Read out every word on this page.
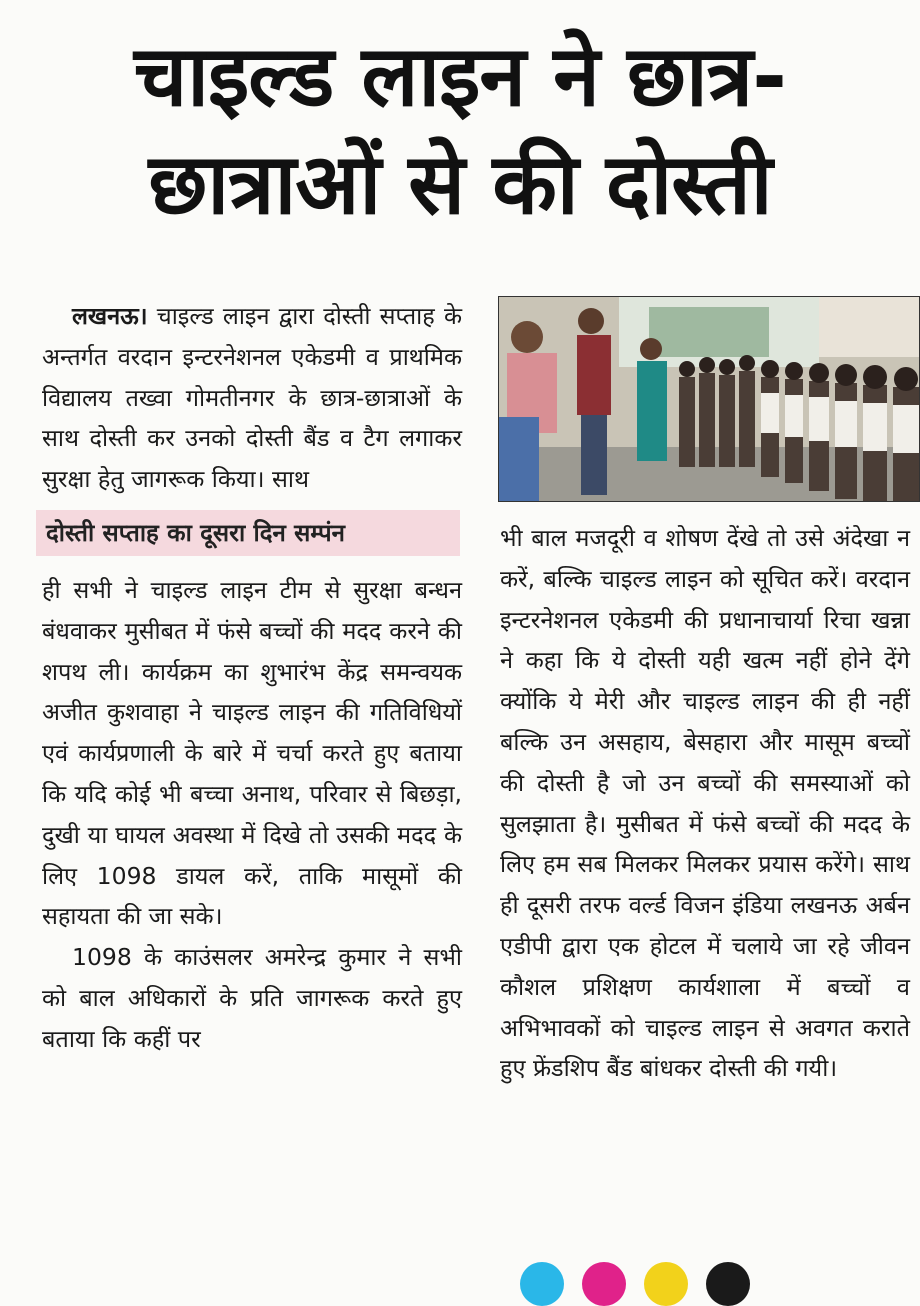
चाइल्ड लाइन ने छात्र-
छात्राओं से की दोस्ती

लखनऊ। चाइल्ड लाइन द्वारा दोस्ती सप्ताह के अन्तर्गत वरदान इन्टरनेशनल एकेडमी व प्राथमिक विद्यालय तख्वा गोमतीनगर के छात्र-छात्राओं के साथ दोस्ती कर उनको दोस्ती बैंड व टैग लगाकर सुरक्षा हेतु जागरूक किया। साथ

दोस्ती सप्ताह का दूसरा दिन सम्पंन

ही सभी ने चाइल्ड लाइन टीम से सुरक्षा बन्धन बंधवाकर मुसीबत में फंसे बच्चों की मदद करने की शपथ ली। कार्यक्रम का शुभारंभ केंद्र समन्वयक अजीत कुशवाहा ने चाइल्ड लाइन की गतिविधियों एवं कार्यप्रणाली के बारे में चर्चा करते हुए बताया कि यदि कोई भी बच्चा अनाथ, परिवार से बिछड़ा, दुखी या घायल अवस्था में दिखे तो उसकी मदद के लिए 1098 डायल करें, ताकि मासूमों की सहायता की जा सके।

1098 के काउंसलर अमरेन्द्र कुमार ने सभी को बाल अधिकारों के प्रति जागरूक करते हुए बताया कि कहीं पर

भी बाल मजदूरी व शोषण देंखे तो उसे अंदेखा न करें, बल्कि चाइल्ड लाइन को सूचित करें। वरदान इन्टरनेशनल एकेडमी की प्रधानाचार्या रिचा खन्ना ने कहा कि ये दोस्ती यही खत्म नहीं होने देंगे क्योंकि ये मेरी और चाइल्ड लाइन की ही नहीं बल्कि उन असहाय, बेसहारा और मासूम बच्चों की दोस्ती है जो उन बच्चों की समस्याओं को सुलझाता है। मुसीबत में फंसे बच्चों की मदद के लिए हम सब मिलकर मिलकर प्रयास करेंगे। साथ ही दूसरी तरफ वर्ल्ड विजन इंडिया लखनऊ अर्बन एडीपी द्वारा एक होटल में चलाये जा रहे जीवन कौशल प्रशिक्षण कार्यशाला में बच्चों व अभिभावकों को चाइल्ड लाइन से अवगत कराते हुए फ्रेंडशिप बैंड बांधकर दोस्ती की गयी।
